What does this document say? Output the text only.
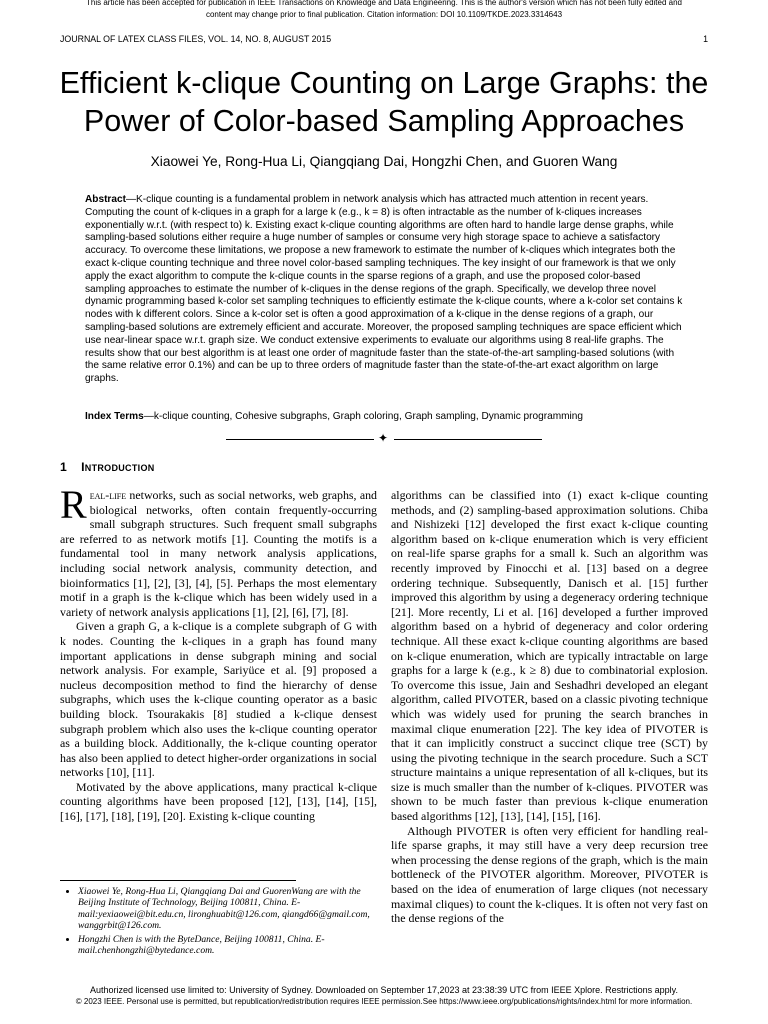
This article has been accepted for publication in IEEE Transactions on Knowledge and Data Engineering. This is the author's version which has not been fully edited and
content may change prior to final publication. Citation information: DOI 10.1109/TKDE.2023.3314643
JOURNAL OF LATEX CLASS FILES, VOL. 14, NO. 8, AUGUST 2015	1
Efficient k-clique Counting on Large Graphs: the
Power of Color-based Sampling Approaches
Xiaowei Ye, Rong-Hua Li, Qiangqiang Dai, Hongzhi Chen, and Guoren Wang
Abstract—K-clique counting is a fundamental problem in network analysis which has attracted much attention in recent years. Computing the count of k-cliques in a graph for a large k (e.g., k = 8) is often intractable as the number of k-cliques increases exponentially w.r.t. (with respect to) k. Existing exact k-clique counting algorithms are often hard to handle large dense graphs, while sampling-based solutions either require a huge number of samples or consume very high storage space to achieve a satisfactory accuracy. To overcome these limitations, we propose a new framework to estimate the number of k-cliques which integrates both the exact k-clique counting technique and three novel color-based sampling techniques. The key insight of our framework is that we only apply the exact algorithm to compute the k-clique counts in the sparse regions of a graph, and use the proposed color-based sampling approaches to estimate the number of k-cliques in the dense regions of the graph. Specifically, we develop three novel dynamic programming based k-color set sampling techniques to efficiently estimate the k-clique counts, where a k-color set contains k nodes with k different colors. Since a k-color set is often a good approximation of a k-clique in the dense regions of a graph, our sampling-based solutions are extremely efficient and accurate. Moreover, the proposed sampling techniques are space efficient which use near-linear space w.r.t. graph size. We conduct extensive experiments to evaluate our algorithms using 8 real-life graphs. The results show that our best algorithm is at least one order of magnitude faster than the state-of-the-art sampling-based solutions (with the same relative error 0.1%) and can be up to three orders of magnitude faster than the state-of-the-art exact algorithm on large graphs.
Index Terms—k-clique counting, Cohesive subgraphs, Graph coloring, Graph sampling, Dynamic programming
✦
1 Introduction

Real-life networks, such as social networks, web graphs, and biological networks, often contain frequently-occurring small subgraph structures. Such frequent small subgraphs are referred to as network motifs [1]. Counting the motifs is a fundamental tool in many network analysis applications, including social network analysis, community detection, and bioinformatics [1], [2], [3], [4], [5]. Perhaps the most elementary motif in a graph is the k-clique which has been widely used in a variety of network analysis applications [1], [2], [6], [7], [8].

Given a graph G, a k-clique is a complete subgraph of G with k nodes. Counting the k-cliques in a graph has found many important applications in dense subgraph mining and social network analysis. For example, Sariyüce et al. [9] proposed a nucleus decomposition method to find the hierarchy of dense subgraphs, which uses the k-clique counting operator as a basic building block. Tsourakakis [8] studied a k-clique densest subgraph problem which also uses the k-clique counting operator as a building block. Additionally, the k-clique counting operator has also been applied to detect higher-order organizations in social networks [10], [11].

Motivated by the above applications, many practical k-clique counting algorithms have been proposed [12], [13], [14], [15], [16], [17], [18], [19], [20]. Existing k-clique counting

algorithms can be classified into (1) exact k-clique counting methods, and (2) sampling-based approximation solutions. Chiba and Nishizeki [12] developed the first exact k-clique counting algorithm based on k-clique enumeration which is very efficient on real-life sparse graphs for a small k. Such an algorithm was recently improved by Finocchi et al. [13] based on a degree ordering technique. Subsequently, Danisch et al. [15] further improved this algorithm by using a degeneracy ordering technique [21]. More recently, Li et al. [16] developed a further improved algorithm based on a hybrid of degeneracy and color ordering technique. All these exact k-clique counting algorithms are based on k-clique enumeration, which are typically intractable on large graphs for a large k (e.g., k ≥ 8) due to combinatorial explosion. To overcome this issue, Jain and Seshadhri developed an elegant algorithm, called PIVOTER, based on a classic pivoting technique which was widely used for pruning the search branches in maximal clique enumeration [22]. The key idea of PIVOTER is that it can implicitly construct a succinct clique tree (SCT) by using the pivoting technique in the search procedure. Such a SCT structure maintains a unique representation of all k-cliques, but its size is much smaller than the number of k-cliques. PIVOTER was shown to be much faster than previous k-clique enumeration based algorithms [12], [13], [14], [15], [16].

Although PIVOTER is often very efficient for handling real-life sparse graphs, it may still have a very deep recursion tree when processing the dense regions of the graph, which is the main bottleneck of the PIVOTER algorithm. Moreover, PIVOTER is based on the idea of enumeration of large cliques (not necessary maximal cliques) to count the k-cliques. It is often not very fast on the dense regions of the

• Xiaowei Ye, Rong-Hua Li, Qiangqiang Dai and GuorenWang are with the Beijing Institute of Technology, Beijing 100811, China. E-mail:yexiaowei@bit.edu.cn, lironghuabit@126.com, qiangd66@gmail.com, wanggrbit@126.com.
• Hongzhi Chen is with the ByteDance, Beijing 100811, China. E-mail.chenhongzhi@bytedance.com.
Authorized licensed use limited to: University of Sydney. Downloaded on September 17,2023 at 23:38:39 UTC from IEEE Xplore. Restrictions apply.
© 2023 IEEE. Personal use is permitted, but republication/redistribution requires IEEE permission.See https://www.ieee.org/publications/rights/index.html for more information.
